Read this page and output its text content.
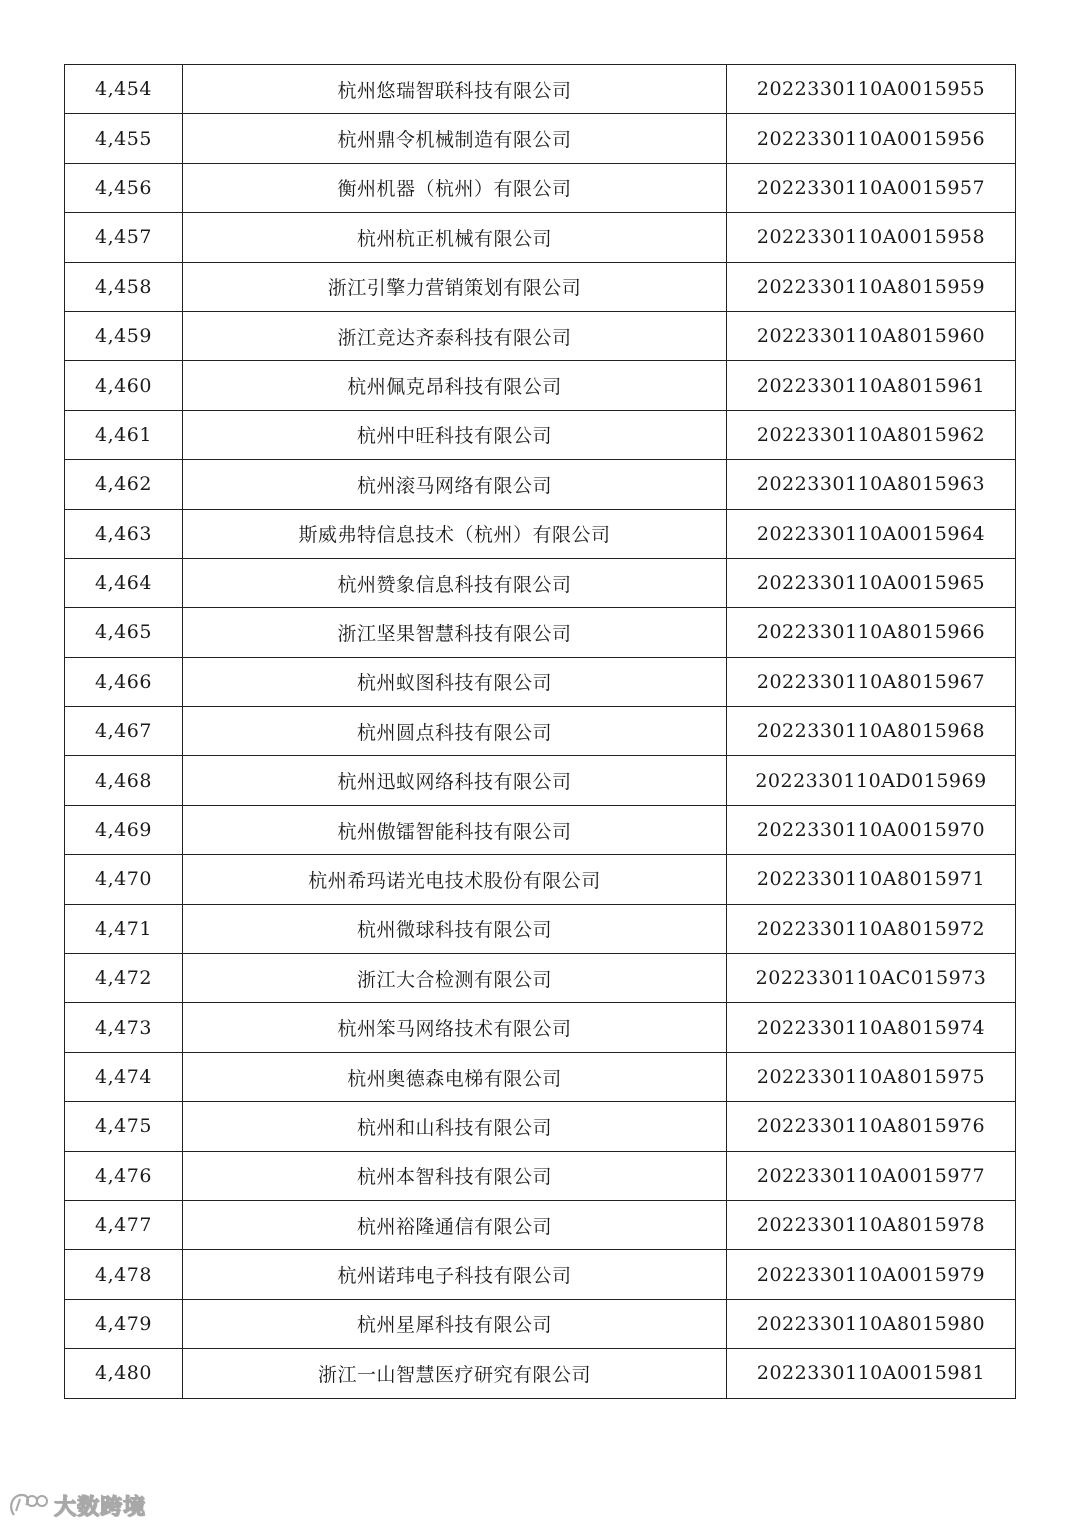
4,454	杭州悠瑞智联科技有限公司	2022330110A0015955
4,455	杭州鼎令机械制造有限公司	2022330110A0015956
4,456	衡州机器（杭州）有限公司	2022330110A0015957
4,457	杭州杭正机械有限公司	2022330110A0015958
4,458	浙江引擎力营销策划有限公司	2022330110A8015959
4,459	浙江竞达齐泰科技有限公司	2022330110A8015960
4,460	杭州佩克昂科技有限公司	2022330110A8015961
4,461	杭州中旺科技有限公司	2022330110A8015962
4,462	杭州滚马网络有限公司	2022330110A8015963
4,463	斯威弗特信息技术（杭州）有限公司	2022330110A0015964
4,464	杭州赞象信息科技有限公司	2022330110A0015965
4,465	浙江坚果智慧科技有限公司	2022330110A8015966
4,466	杭州蚁图科技有限公司	2022330110A8015967
4,467	杭州圆点科技有限公司	2022330110A8015968
4,468	杭州迅蚁网络科技有限公司	2022330110AD015969
4,469	杭州傲镭智能科技有限公司	2022330110A0015970
4,470	杭州希玛诺光电技术股份有限公司	2022330110A8015971
4,471	杭州微球科技有限公司	2022330110A8015972
4,472	浙江大合检测有限公司	2022330110AC015973
4,473	杭州笨马网络技术有限公司	2022330110A8015974
4,474	杭州奥德森电梯有限公司	2022330110A8015975
4,475	杭州和山科技有限公司	2022330110A8015976
4,476	杭州本智科技有限公司	2022330110A0015977
4,477	杭州裕隆通信有限公司	2022330110A8015978
4,478	杭州诺玮电子科技有限公司	2022330110A0015979
4,479	杭州星犀科技有限公司	2022330110A8015980
4,480	浙江一山智慧医疗研究有限公司	2022330110A0015981
大数跨境
